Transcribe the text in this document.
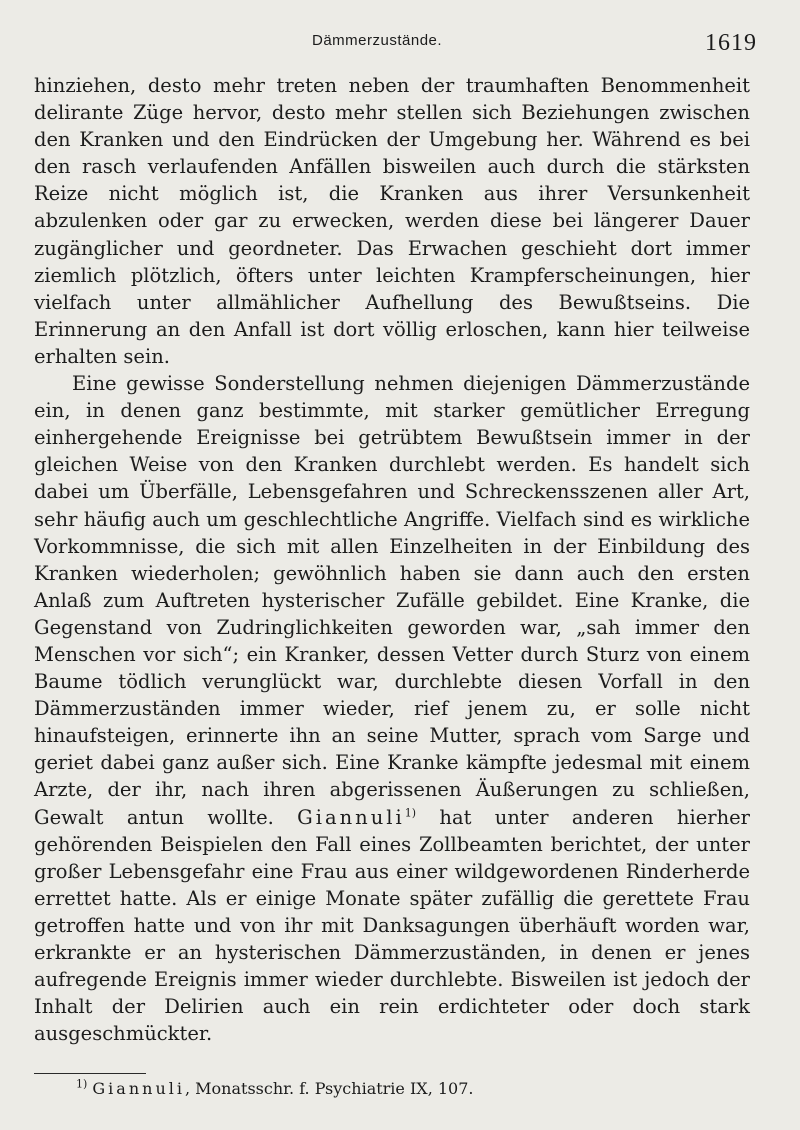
Dämmerzustände.	1619

hinziehen, desto mehr treten neben der traumhaften Benommenheit delirante Züge hervor, desto mehr stellen sich Beziehungen zwischen den Kranken und den Eindrücken der Umgebung her. Während es bei den rasch verlaufenden Anfällen bisweilen auch durch die stärksten Reize nicht möglich ist, die Kranken aus ihrer Versunkenheit abzulenken oder gar zu erwecken, werden diese bei längerer Dauer zugänglicher und geordneter. Das Erwachen geschieht dort immer ziemlich plötzlich, öfters unter leichten Krampferscheinungen, hier vielfach unter allmählicher Aufhellung des Bewußtseins. Die Erinnerung an den Anfall ist dort völlig erloschen, kann hier teilweise erhalten sein.

Eine gewisse Sonderstellung nehmen diejenigen Dämmerzustände ein, in denen ganz bestimmte, mit starker gemütlicher Erregung einhergehende Ereignisse bei getrübtem Bewußtsein immer in der gleichen Weise von den Kranken durchlebt werden. Es handelt sich dabei um Überfälle, Lebensgefahren und Schreckensszenen aller Art, sehr häufig auch um geschlechtliche Angriffe. Vielfach sind es wirkliche Vorkommnisse, die sich mit allen Einzelheiten in der Einbildung des Kranken wiederholen; gewöhnlich haben sie dann auch den ersten Anlaß zum Auftreten hysterischer Zufälle gebildet. Eine Kranke, die Gegenstand von Zudringlichkeiten geworden war, „sah immer den Menschen vor sich“; ein Kranker, dessen Vetter durch Sturz von einem Baume tödlich verunglückt war, durchlebte diesen Vorfall in den Dämmerzuständen immer wieder, rief jenem zu, er solle nicht hinaufsteigen, erinnerte ihn an seine Mutter, sprach vom Sarge und geriet dabei ganz außer sich. Eine Kranke kämpfte jedesmal mit einem Arzte, der ihr, nach ihren abgerissenen Äußerungen zu schließen, Gewalt antun wollte. Giannuli$^{1)}$ hat unter anderen hierher gehörenden Beispielen den Fall eines Zollbeamten berichtet, der unter großer Lebensgefahr eine Frau aus einer wildgewordenen Rinderherde errettet hatte. Als er einige Monate später zufällig die gerettete Frau getroffen hatte und von ihr mit Danksagungen überhäuft worden war, erkrankte er an hysterischen Dämmerzuständen, in denen er jenes aufregende Ereignis immer wieder durchlebte. Bisweilen ist jedoch der Inhalt der Delirien auch ein rein erdichteter oder doch stark ausgeschmückter.

$^{1)}$ Giannuli, Monatsschr. f. Psychiatrie IX, 107.
